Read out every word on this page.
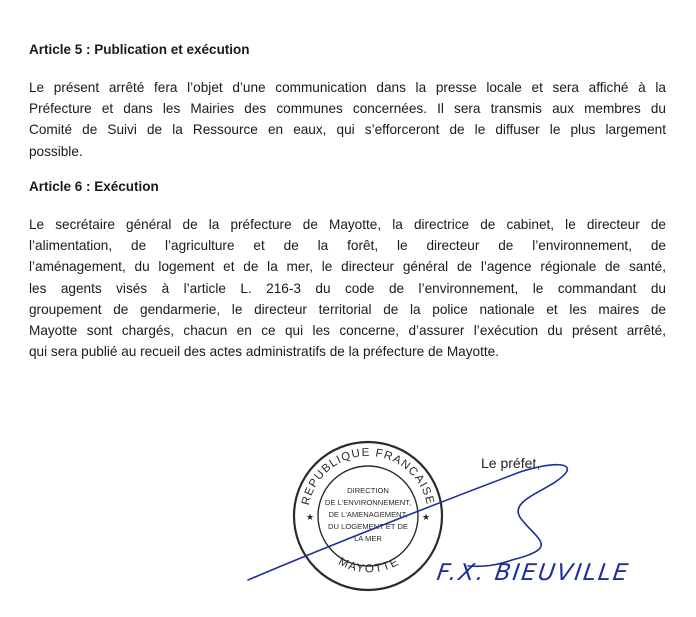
Article 5 : Publication et exécution
Le présent arrêté fera l’objet d’une communication dans la presse locale et sera affiché à la
Préfecture et dans les Mairies des communes concernées. Il sera transmis aux membres du
Comité de Suivi de la Ressource en eaux, qui s’efforceront de le diffuser le plus largement
possible.
Article 6 : Exécution
Le secrétaire général de la préfecture de Mayotte, la directrice de cabinet, le directeur de
l’alimentation, de l’agriculture et de la forêt, le directeur de l’environnement, de
l’aménagement, du logement et de la mer, le directeur général de l’agence régionale de santé,
les agents visés à l’article L. 216-3 du code de l’environnement, le commandant du
groupement de gendarmerie, le directeur territorial de la police nationale et les maires de
Mayotte sont chargés, chacun en ce qui les concerne, d’assurer l’exécution du présent arrêté,
qui sera publié au recueil des actes administratifs de la préfecture de Mayotte.
Le préfet,
REPUBLIQUE FRANCAISE
MAYOTTE
★	★
DIRECTION
DE L'ENVIRONNEMENT,
DE L'AMENAGEMENT,
DU LOGEMENT ET DE
LA MER
F.X. BIEUVILLE
